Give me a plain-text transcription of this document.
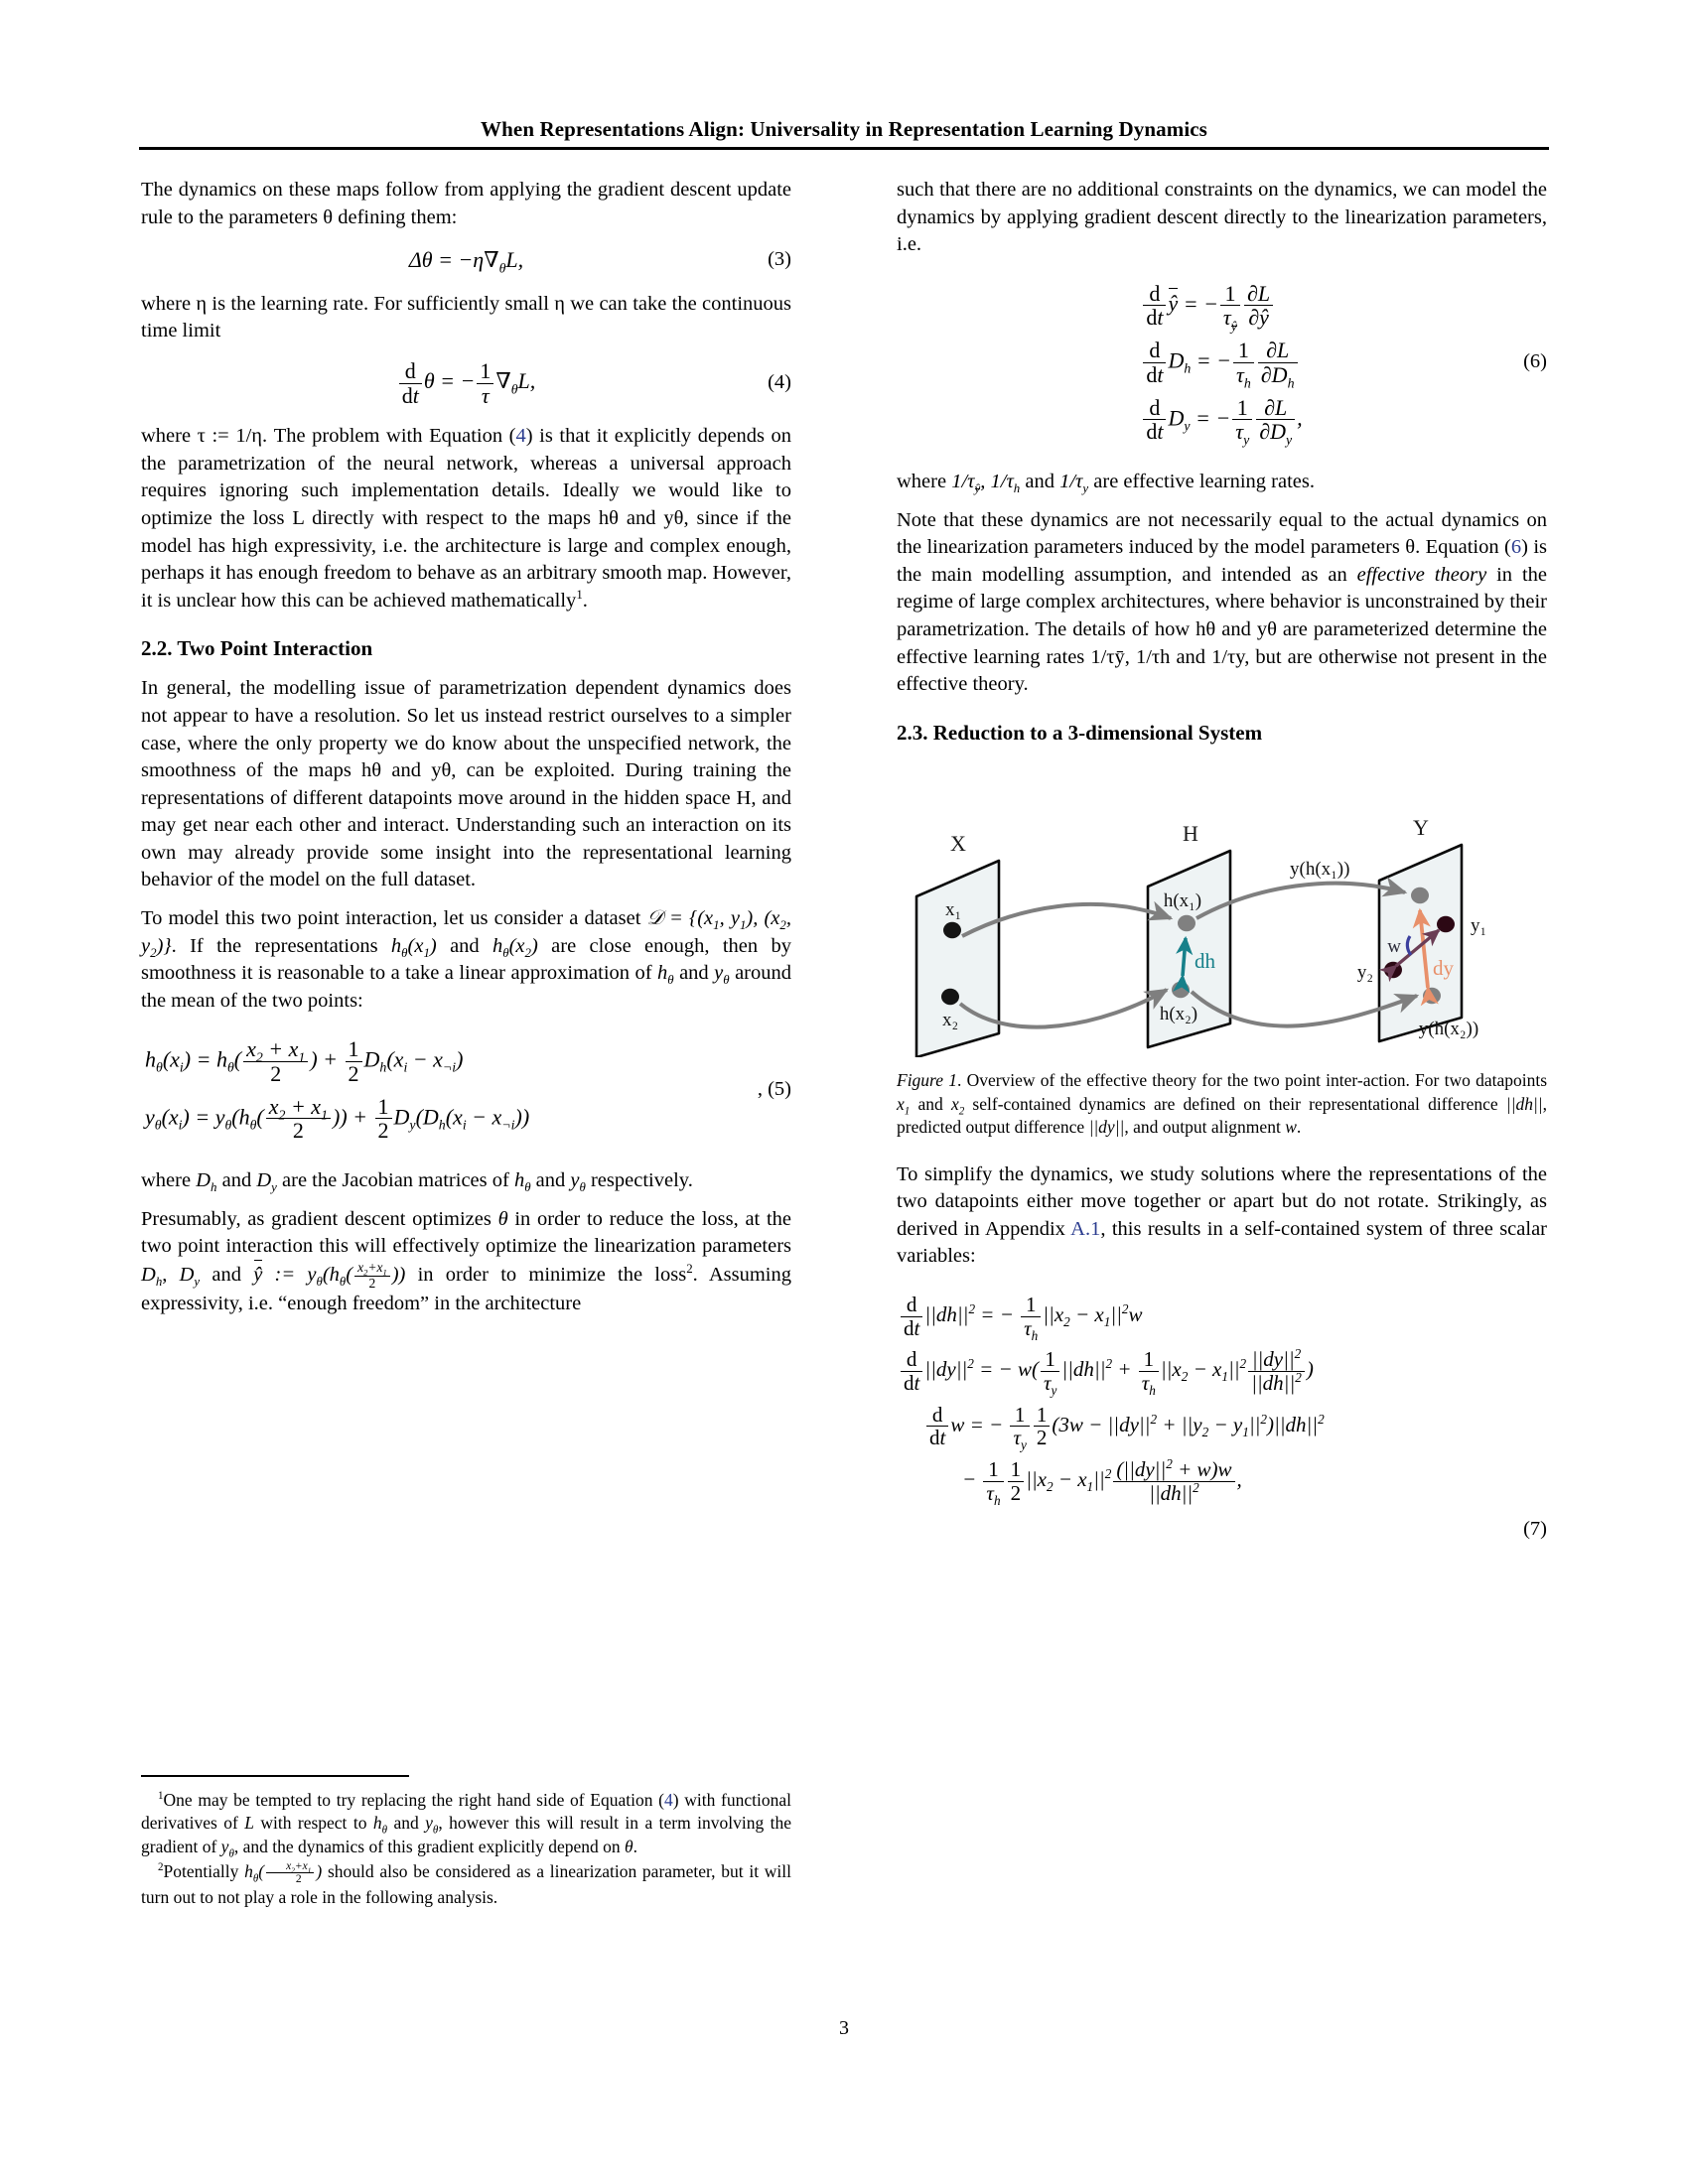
When Representations Align: Universality in Representation Learning Dynamics

The dynamics on these maps follow from applying the gradient descent update rule to the parameters θ defining them:

$\Delta\theta = -\eta\nabla_\theta L$,	(3)

where η is the learning rate. For sufficiently small η we can take the continuous time limit

$\frac{d}{dt}$ θ = − $\frac{1}{\tau} \nabla_\theta L$,	(4)

where τ := 1/η. The problem with Equation (4) is that it explicitly depends on the parametrization of the neural network, whereas a universal approach requires ignoring such implementation details. Ideally we would like to optimize the loss L directly with respect to the maps hθ and yθ, since if the model has high expressivity, i.e. the architecture is large and complex enough, perhaps it has enough freedom to behave as an arbitrary smooth map. However, it is unclear how this can be achieved mathematically$^1$.

2.2. Two Point Interaction

In general, the modelling issue of parametrization dependent dynamics does not appear to have a resolution. So let us instead restrict ourselves to a simpler case, where the only property we do know about the unspecified network, the smoothness of the maps hθ and yθ, can be exploited. During training the representations of different datapoints move around in the hidden space H, and may get near each other and interact. Understanding such an interaction on its own may already provide some insight into the representational learning behavior of the model on the full dataset.

To model this two point interaction, let us consider a dataset 𝒟 = {($x_1$, $y_1$), ($x_2$, $y_2$)}. If the representations $h_\theta(x_1)$ and $h_\theta(x_2)$ are close enough, then by smoothness it is reasonable to a take a linear approximation of $h_\theta$ and $y_\theta$ around the mean of the two points:

$h_\theta(x_i) = h_\theta( \frac{x_2 + x_1}{2}$ ) + $\frac{1}{2} D_h(x_i - x_{\neg i})$
$y_\theta(x_i) = y_\theta(h_\theta( \frac{x_2 + x_1}{2}$ )) + $\frac{1}{2} D_y(D_h(x_i - x_{\neg i}))$
, (5)

where $D_h$ and $D_y$ are the Jacobian matrices of $h_\theta$ and $y_\theta$ respectively.

Presumably, as gradient descent optimizes θ in order to reduce the loss, at the two point interaction this will effectively optimize the linearization parameters $D_h$, $D_y$ and ŷ := $y_\theta(h_\theta( \frac{x_2+x_1}{2}$ )) in order to minimize the loss$^2$. Assuming expressivity, i.e. “enough freedom” in the architecture

such that there are no additional constraints on the dynamics, we can model the dynamics by applying gradient descent directly to the linearization parameters, i.e.

$\frac{d}{dt}$ ŷ = − $\frac{1}{\tau_ŷ} \frac{\partial L}{\partial ŷ}$
$\frac{d}{dt} D_h$ = − $\frac{1}{\tau_h} \frac{\partial L}{\partial D_h}$
$\frac{d}{dt} D_y$ = − $\frac{1}{\tau_y} \frac{\partial L}{\partial D_y}$ ,
(6)

where $1/\tau_ŷ$, $1/\tau_h$ and $1/\tau_y$ are effective learning rates.

Note that these dynamics are not necessarily equal to the actual dynamics on the linearization parameters induced by the model parameters θ. Equation (6) is the main modelling assumption, and intended as an effective theory in the regime of large complex architectures, where behavior is unconstrained by their parametrization. The details of how hθ and yθ are parameterized determine the effective learning rates 1/τȳ, 1/τh and 1/τy, but are otherwise not present in the effective theory.

2.3. Reduction to a 3-dimensional System
X
x₁
x₂
H
h(x₁)
h(x₂)
dh
Y
y(h(x₁))
y(h(x₂))
y₁
y₂	dy
w
Figure 1. Overview of the effective theory for the two point inter-action. For two datapoints $x_1$ and $x_2$ self-contained dynamics are defined on their representational difference ||dh||, predicted output difference ||dy||, and output alignment w.

To simplify the dynamics, we study solutions where the representations of the two datapoints either move together or apart but do not rotate. Strikingly, as derived in Appendix A.1, this results in a self-contained system of three scalar variables:

$\frac{d}{dt} ||dh||^2$ = − $\frac{1}{\tau_h} ||x_2 - x_1||^2w$
$\frac{d}{dt} ||dy||^2$ = − $w( \frac{1}{\tau_y} ||dh||^2 + \frac{1}{\tau_h} ||x_2 - x_1||^2 \frac{||dy||^2}{||dh||^2}$ )
$\frac{d}{dt}$ w = − $\frac{1}{\tau_y} \frac{1}{2} (3w - ||dy||^2 + ||y_2 - y_1||^2)||dh||^2$
− $\frac{1}{\tau_h} \frac{1}{2} ||x_2 - x_1||^2 \frac{(||dy||^2 + w)w}{||dh||^2}$ ,
(7)

$^1$One may be tempted to try replacing the right hand side of Equation (4) with functional derivatives of L with respect to $h_\theta$ and $y_\theta$, however this will result in a term involving the gradient of $y_\theta$, and the dynamics of this gradient explicitly depend on θ.

$^2$Potentially $h_\theta( \frac{x_2+x_1}{2}$ ) should also be considered as a linearization parameter, but it will turn out to not play a role in the following analysis.

3
